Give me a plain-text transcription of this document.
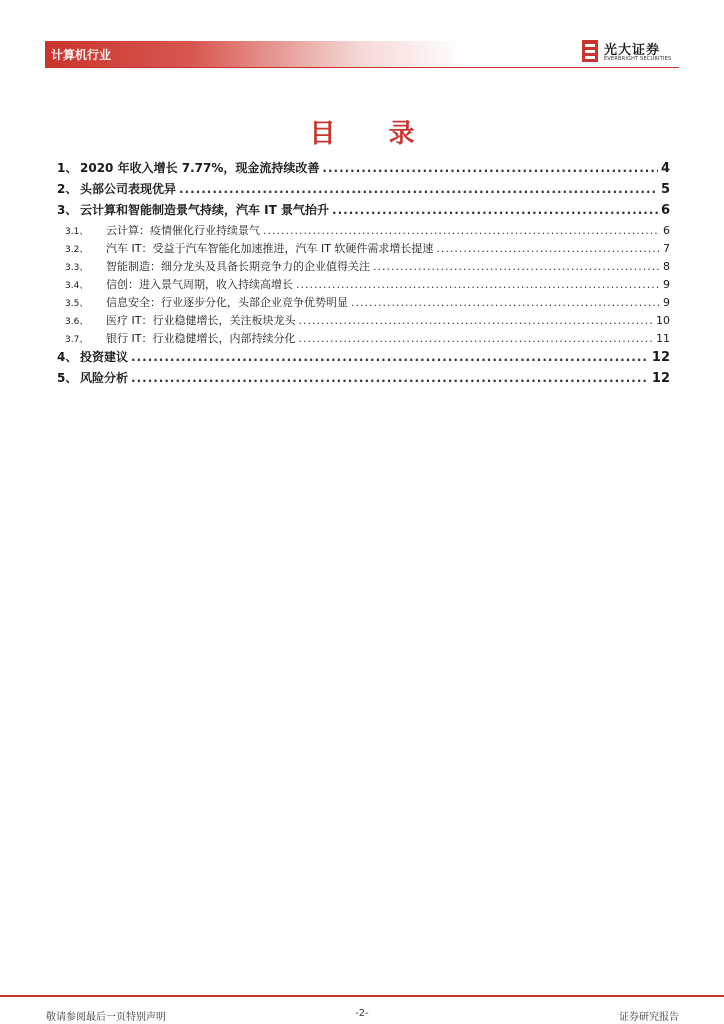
计算机行业	光大证券
EVERBRIGHT SECURITIES
目 录
1、 2020 年收入增长 7.77%，现金流持续改善 .....	4
2、 头部公司表现优异 .....	5
3、 云计算和智能制造景气持续，汽车 IT 景气抬升 .....	6
3.1、	云计算：疫情催化行业持续景气 .....	6
3.2、	汽车 IT：受益于汽车智能化加速推进，汽车 IT 软硬件需求增长提速 .....	7
3.3、	智能制造：细分龙头及具备长期竞争力的企业值得关注 .....	8
3.4、	信创：进入景气周期，收入持续高增长 .....	9
3.5、	信息安全：行业逐步分化，头部企业竞争优势明显 .....	9
3.6、	医疗 IT：行业稳健增长，关注板块龙头 .....	10
3.7、	银行 IT：行业稳健增长，内部持续分化 .....	11
4、 投资建议 .....	12
5、 风险分析 .....	12
敬请参阅最后一页特别声明	-2-	证券研究报告
